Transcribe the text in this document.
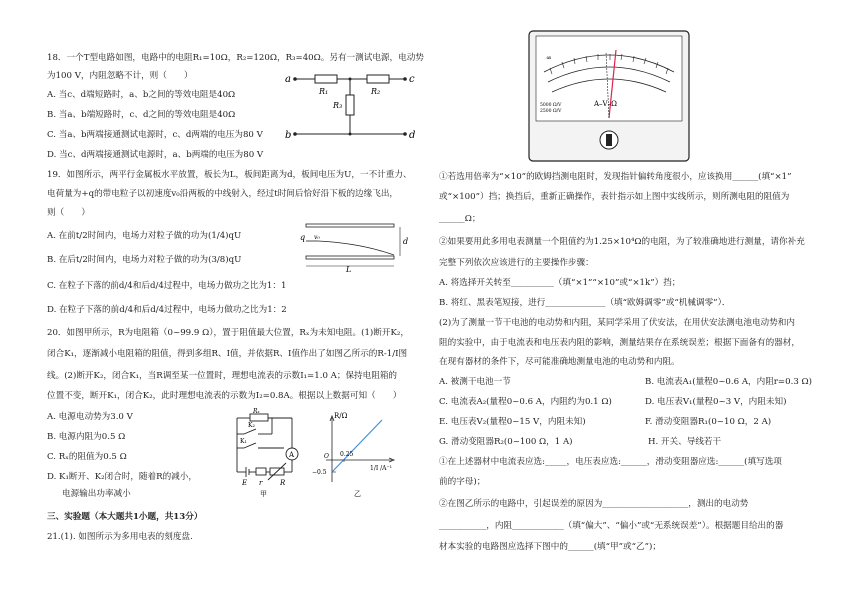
18．一个T型电路如图，电路中的电阻R₁=10Ω，R₂=120Ω，R₃=40Ω。另有一测试电源，电动势
为100 V，内阻忽略不计，则（　　）
A. 当c、d端短路时，a、b之间的等效电阻是40Ω
B. 当a、b端短路时，c、d之间的等效电阻是40Ω
C. 当a、b两端接通测试电源时，c、d两端的电压为80 V
D. 当c、d两端接通测试电源时，a、b两端的电压为80 V
a	c
b	d
R₁	R₂
R₃
19．如图所示，两平行金属板水平放置，板长为L，板间距离为d，板间电压为U，一不计重力、
电荷量为+q的带电粒子以初速度v₀沿两板的中线射入，经过t时间后恰好沿下板的边缘飞出，
则（　　）
A. 在前t/2时间内，电场力对粒子做的功为(1/4)qU
B. 在后t/2时间内，电场力对粒子做的功为(3/8)qU
C. 在粒子下落的前d/4和后d/4过程中，电场力做功之比为1：1
D. 在粒子下落的前d/4和后d/4过程中，电场力做功之比为1：2
q v₀	d
L
20．如图甲所示，R为电阻箱（0~99.9 Ω），置于阻值最大位置，Rₓ为未知电阻。(1)断开K₂，
闭合K₁，逐渐减小电阻箱的阻值，得到多组R、I值，并依据R、I值作出了如图乙所示的R-1/I图
线。(2)断开K₂，闭合K₁，当R调至某一位置时，理想电流表的示数I₁=1.0 A；保持电阻箱的
位置不变，断开K₁，闭合K₂，此时理想电流表的示数为I₂=0.8A。根据以上数据可知（　　）
A. 电源电动势为3.0 V
B. 电源内阻为0.5 Ω
C. Rₓ的阻值为0.5 Ω
D. K₁断开、K₂闭合时，随着R的减小，
电源输出功率减小
Rₓ
K₂
K₁
A
E r	R
甲
R/Ω
1/I /A⁻¹
O 0.25
−0.5
乙
三、实验题（本大题共1小题，共13分）
21.(1). 如图所示为多用电表的刻度盘.
∞
A–V–Ω
5000 Ω/V
2500 Ω/V
①若选用倍率为“×10”的欧姆挡测电阻时，发现指针偏转角度很小，应该换用______(填“×1”
或“×100”）挡；换挡后，重新正确操作，表针指示如上图中实线所示，则所测电阻的阻值为
______Ω；
②如果要用此多用电表测量一个阻值约为1.25×10⁴Ω的电阻，为了较准确地进行测量，请你补充
完整下列依次应该进行的主要操作步骤：
A. 将选择开关转至__________（填“×1”“×10”或“×1k”）挡；
B. 将红、黑表笔短接，进行______________（填“欧姆调零”或“机械调零”）．
(2)为了测量一节干电池的电动势和内阻，某同学采用了伏安法，在用伏安法测电池电动势和内
阻的实验中，由于电流表和电压表内阻的影响，测量结果存在系统误差；根据下面备有的器材，
在现有器材的条件下，尽可能准确地测量电池的电动势和内阻。
A. 被测干电池一节	B. 电流表A₁(量程0~0.6 A，内阻r=0.3 Ω)
C. 电流表A₂(量程0~0.6 A，内阻约为0.1 Ω)	D. 电压表V₁(量程0~3 V，内阻未知)
E. 电压表V₂(量程0~15 V，内阻未知)	F. 滑动变阻器R₁(0~10 Ω，2 A)
G. 滑动变阻器R₂(0~100 Ω，1 A)	H. 开关、导线若干
①在上述器材中电流表应选:_____，电压表应选:______，滑动变阻器应选:______(填写选项
前的字母)；
②在图乙所示的电路中，引起误差的原因为____________________，测出的电动势
___________，内阻____________（填“偏大”、“偏小”或“无系统误差”）。根据题目给出的器
材本实验的电路图应选择下图中的______(填“甲”或“乙”)；
